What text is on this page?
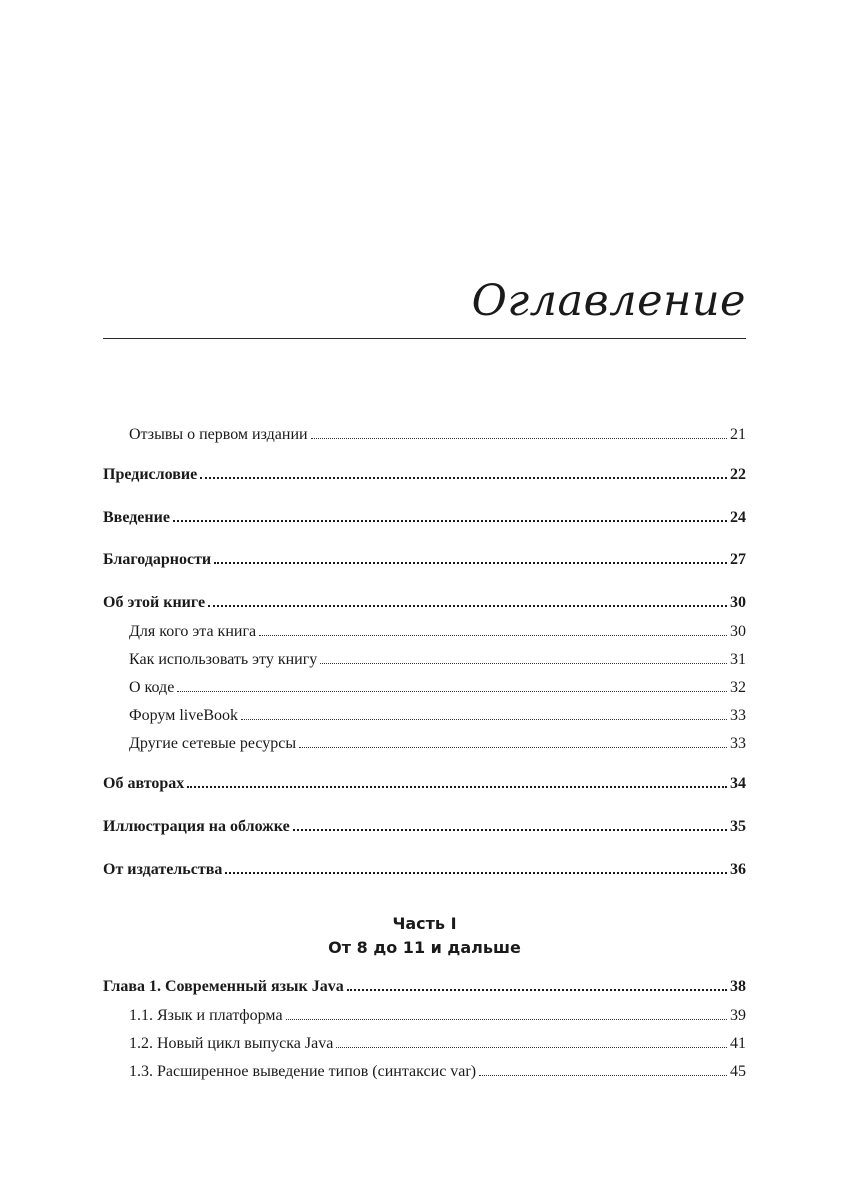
Оглавление
Отзывы о первом издании	21
Предисловие	22
Введение	24
Благодарности	27
Об этой книге	30
Для кого эта книга	30
Как использовать эту книгу	31
О коде	32
Форум liveBook	33
Другие сетевые ресурсы	33
Об авторах	34
Иллюстрация на обложке	35
От издательства	36
Часть I
От 8 до 11 и дальше
Глава 1. Современный язык Java	38
1.1. Язык и платформа	39
1.2. Новый цикл выпуска Java	41
1.3. Расширенное выведение типов (синтаксис var)	45
